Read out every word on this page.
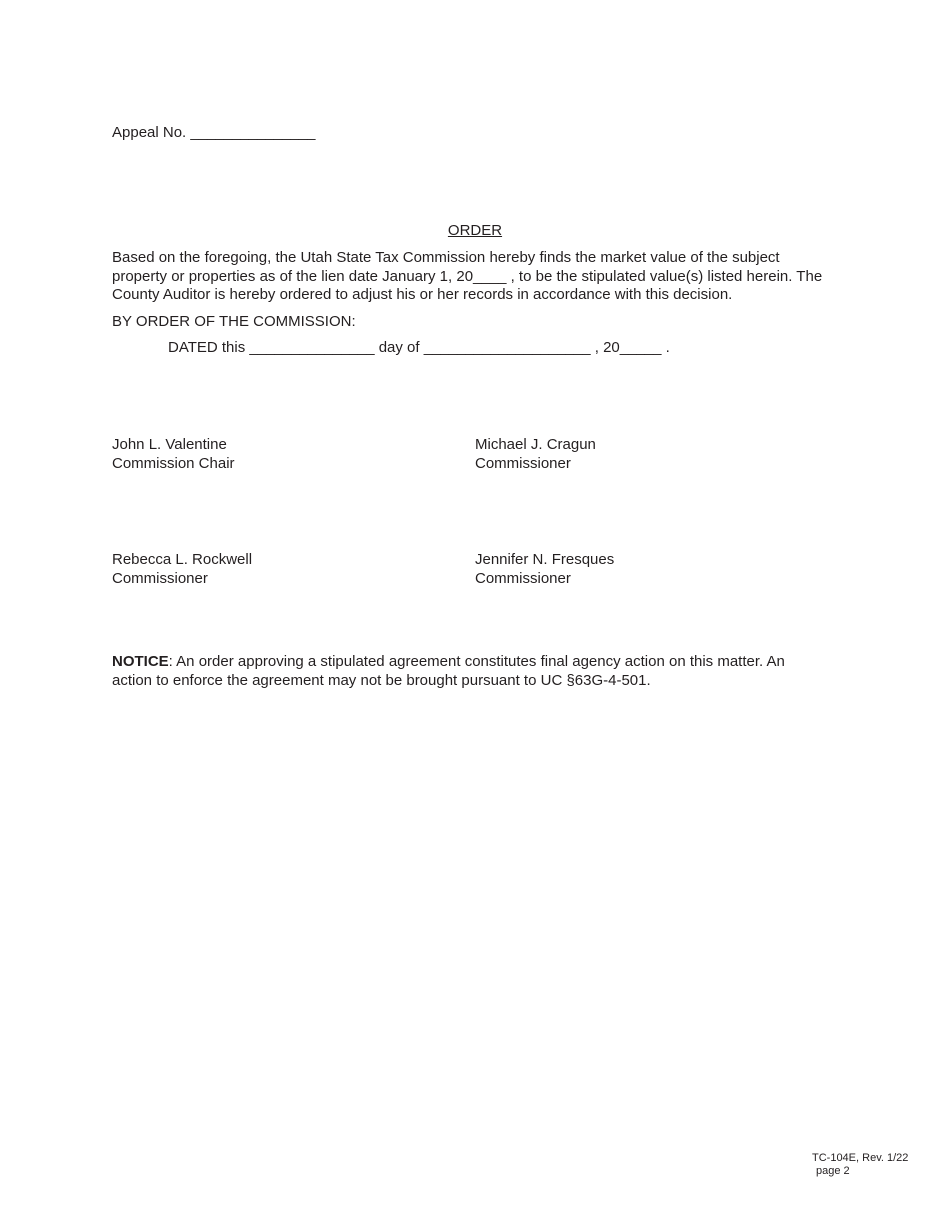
Appeal No. _______________
ORDER
Based on the foregoing, the Utah State Tax Commission hereby finds the market value of the subject
property or properties as of the lien date January 1, 20____ , to be the stipulated value(s) listed herein. The
County Auditor is hereby ordered to adjust his or her records in accordance with this decision.
BY ORDER OF THE COMMISSION:
DATED this _______________ day of ____________________ , 20_____ .
John L. Valentine
Commission Chair
Michael J. Cragun
Commissioner
Rebecca L. Rockwell
Commissioner
Jennifer N. Fresques
Commissioner
NOTICE: An order approving a stipulated agreement constitutes final agency action on this matter. An
action to enforce the agreement may not be brought pursuant to UC §63G-4-501.
TC-104E, Rev. 1/22
page 2
